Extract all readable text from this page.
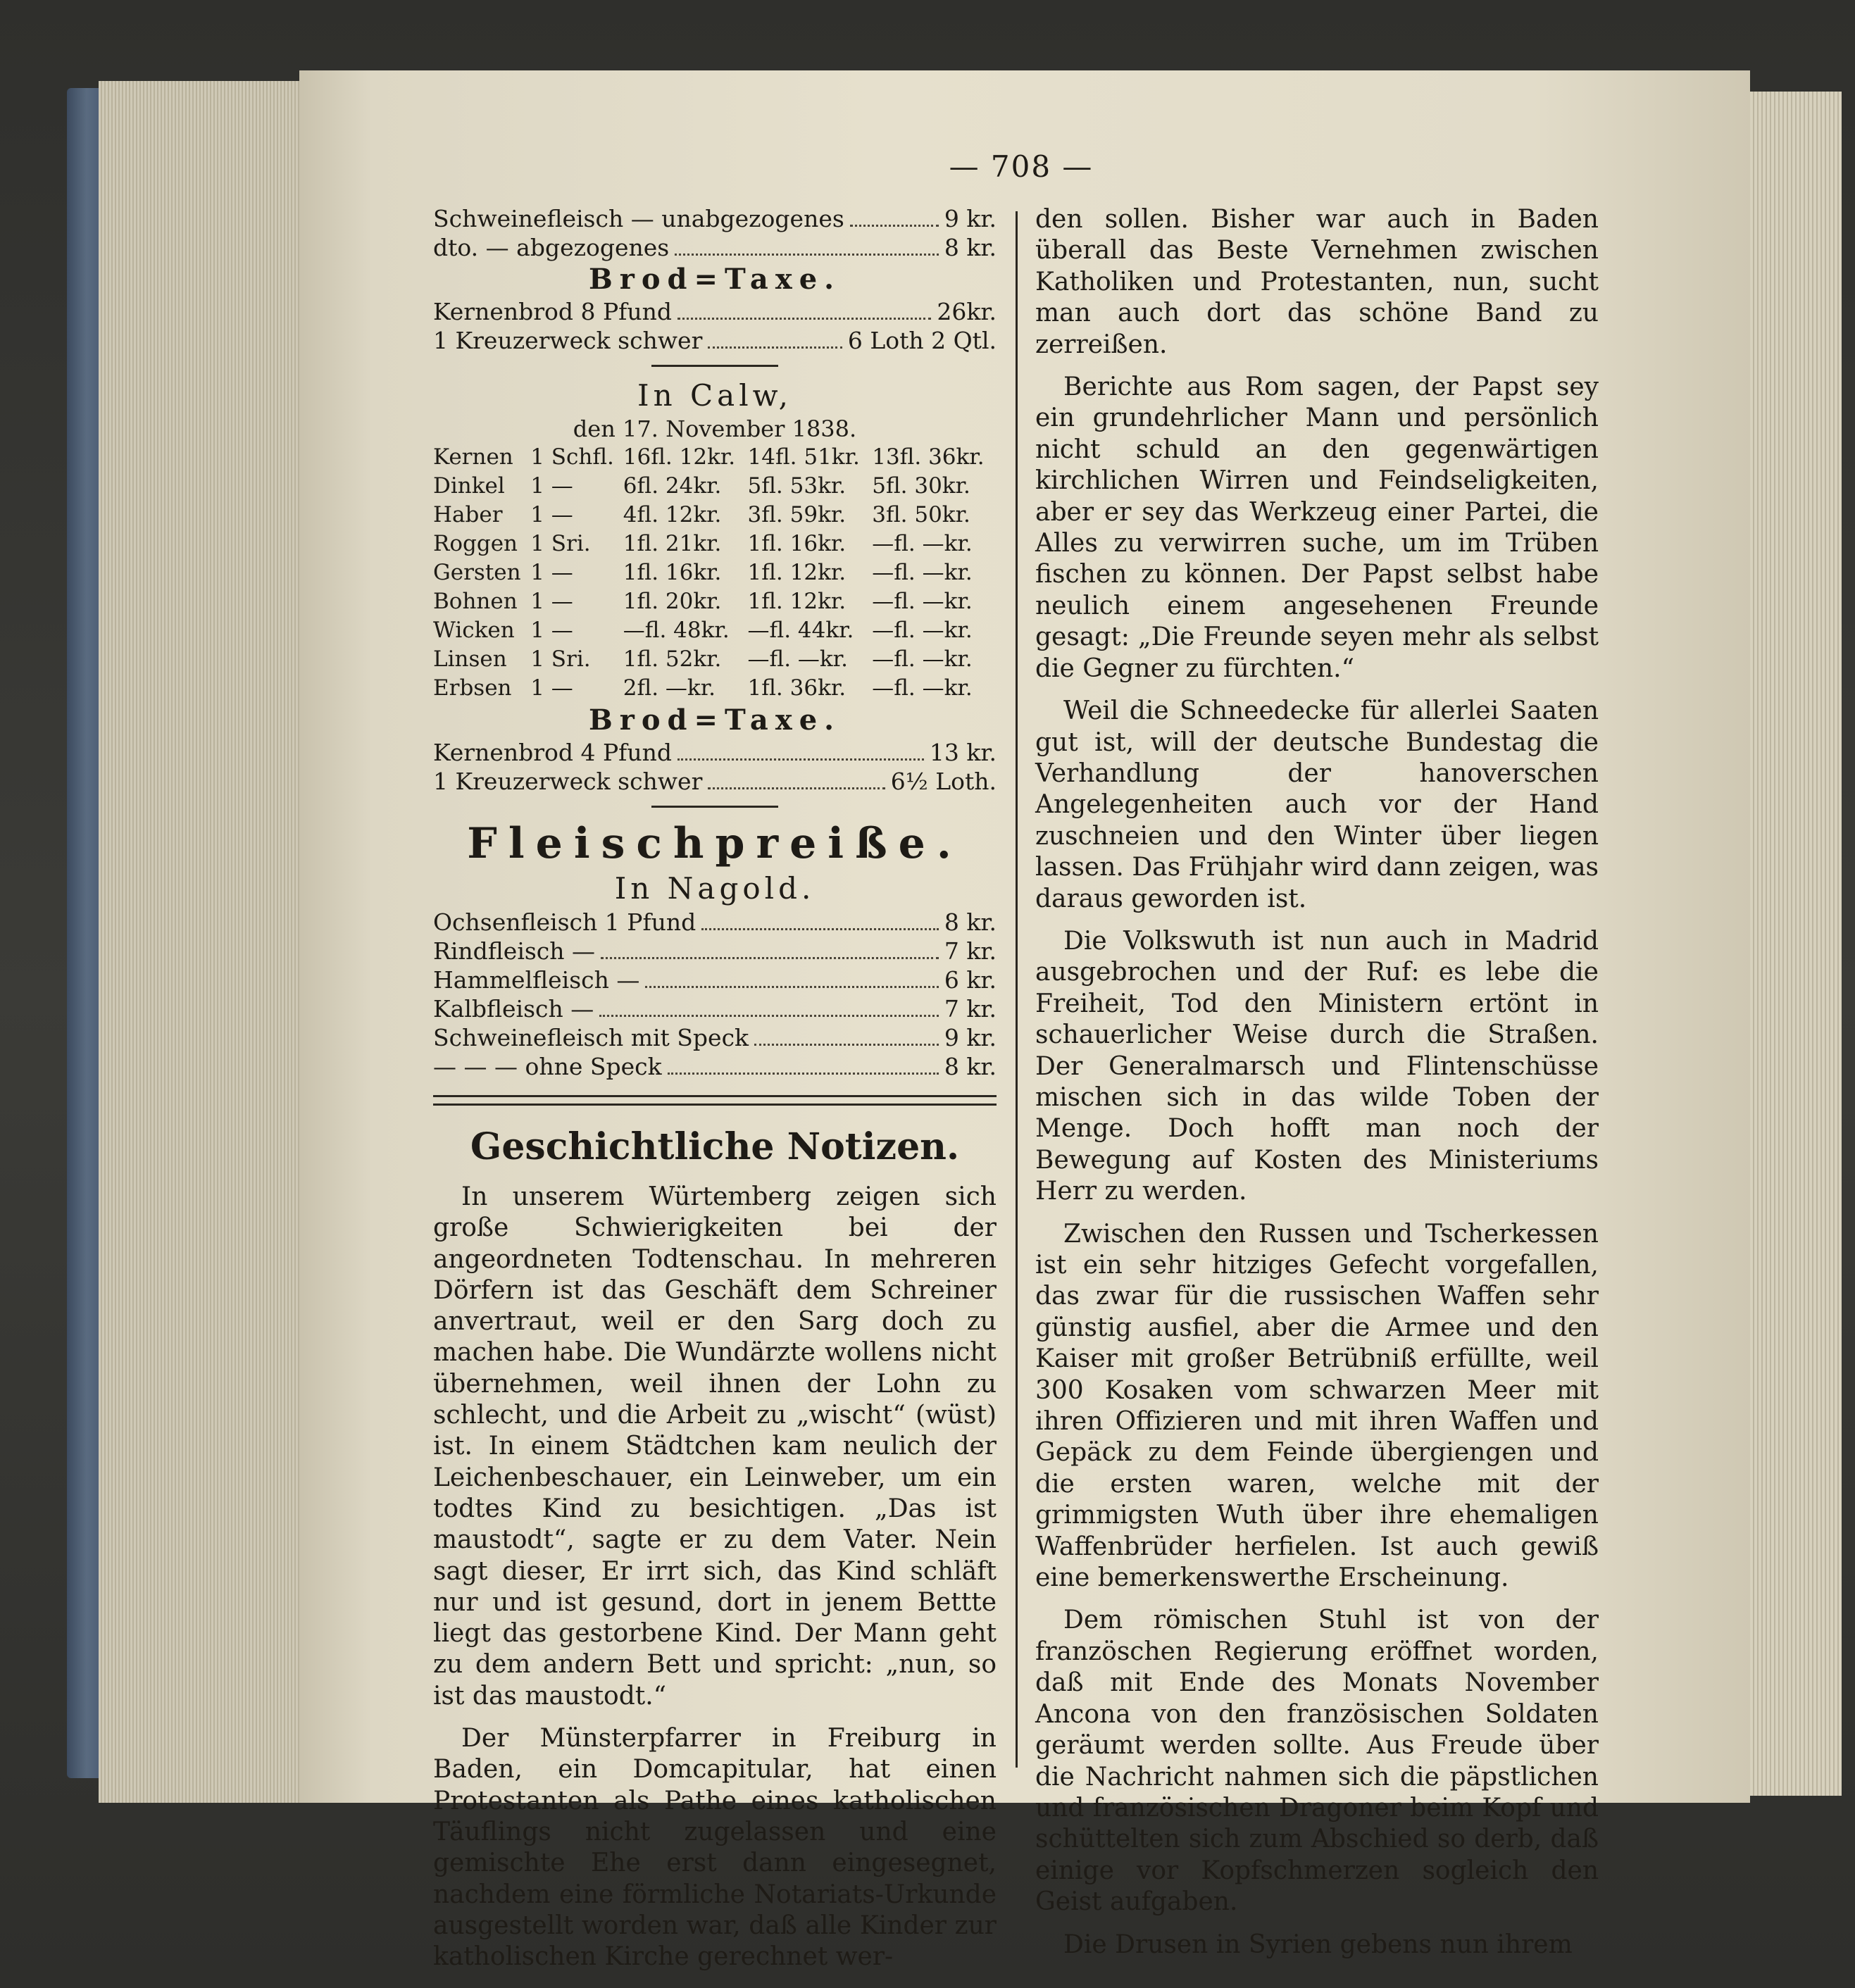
— 708 —
Schweinefleisch — unabgezogenes	9 kr.
dto. — abgezogenes	8 kr.
Brod=Taxe.
Kernenbrod 8 Pfund	26kr.
1 Kreuzerweck schwer	6 Loth 2 Qtl.
In Calw,
den 17. November 1838.
Kernen	1 Schfl.	16fl. 12kr.	14fl. 51kr.	13fl. 36kr.
Dinkel	1 —	6fl. 24kr.	5fl. 53kr.	5fl. 30kr.
Haber	1 —	4fl. 12kr.	3fl. 59kr.	3fl. 50kr.
Roggen	1 Sri.	1fl. 21kr.	1fl. 16kr.	—fl. —kr.
Gersten	1 —	1fl. 16kr.	1fl. 12kr.	—fl. —kr.
Bohnen	1 —	1fl. 20kr.	1fl. 12kr.	—fl. —kr.
Wicken	1 —	—fl. 48kr.	—fl. 44kr.	—fl. —kr.
Linsen	1 Sri.	1fl. 52kr.	—fl. —kr.	—fl. —kr.
Erbsen	1 —	2fl. —kr.	1fl. 36kr.	—fl. —kr.
Brod=Taxe.
Kernenbrod 4 Pfund	13 kr.
1 Kreuzerweck schwer	6½ Loth.
Fleischpreiße.
In Nagold.
Ochsenfleisch 1 Pfund	8 kr.
Rindfleisch —	7 kr.
Hammelfleisch —	6 kr.
Kalbfleisch —	7 kr.
Schweinefleisch mit Speck	9 kr.
— — — ohne Speck	8 kr.
Geschichtliche Notizen.

In unserem Würtemberg zeigen sich große Schwierigkeiten bei der angeordneten Todtenschau. In mehreren Dörfern ist das Geschäft dem Schreiner anvertraut, weil er den Sarg doch zu machen habe. Die Wundärzte wollens nicht übernehmen, weil ihnen der Lohn zu schlecht, und die Arbeit zu „wischt“ (wüst) ist. In einem Städtchen kam neulich der Leichenbeschauer, ein Leinweber, um ein todtes Kind zu besichtigen. „Das ist maustodt“, sagte er zu dem Vater. Nein sagt dieser, Er irrt sich, das Kind schläft nur und ist gesund, dort in jenem Bettte liegt das gestorbene Kind. Der Mann geht zu dem andern Bett und spricht: „nun, so ist das maustodt.“

Der Münsterpfarrer in Freiburg in Baden, ein Domcapitular, hat einen Protestanten als Pathe eines katholischen Täuflings nicht zugelassen und eine gemischte Ehe erst dann eingesegnet, nachdem eine förmliche Notariats-Urkunde ausgestellt worden war, daß alle Kinder zur katholischen Kirche gerechnet wer-

den sollen. Bisher war auch in Baden überall das Beste Vernehmen zwischen Katholiken und Protestanten, nun, sucht man auch dort das schöne Band zu zerreißen.

Berichte aus Rom sagen, der Papst sey ein grundehrlicher Mann und persönlich nicht schuld an den gegenwärtigen kirchlichen Wirren und Feindseligkeiten, aber er sey das Werkzeug einer Partei, die Alles zu verwirren suche, um im Trüben fischen zu können. Der Papst selbst habe neulich einem angesehenen Freunde gesagt: „Die Freunde seyen mehr als selbst die Gegner zu fürchten.“

Weil die Schneedecke für allerlei Saaten gut ist, will der deutsche Bundestag die Verhandlung der hanoverschen Angelegenheiten auch vor der Hand zuschneien und den Winter über liegen lassen. Das Frühjahr wird dann zeigen, was daraus geworden ist.

Die Volkswuth ist nun auch in Madrid ausgebrochen und der Ruf: es lebe die Freiheit, Tod den Ministern ertönt in schauerlicher Weise durch die Straßen. Der Generalmarsch und Flintenschüsse mischen sich in das wilde Toben der Menge. Doch hofft man noch der Bewegung auf Kosten des Ministeriums Herr zu werden.

Zwischen den Russen und Tscherkessen ist ein sehr hitziges Gefecht vorgefallen, das zwar für die russischen Waffen sehr günstig ausfiel, aber die Armee und den Kaiser mit großer Betrübniß erfüllte, weil 300 Kosaken vom schwarzen Meer mit ihren Offizieren und mit ihren Waffen und Gepäck zu dem Feinde übergiengen und die ersten waren, welche mit der grimmigsten Wuth über ihre ehemaligen Waffenbrüder herfielen. Ist auch gewiß eine bemerkenswerthe Erscheinung.

Dem römischen Stuhl ist von der französchen Regierung eröffnet worden, daß mit Ende des Monats November Ancona von den französischen Soldaten geräumt werden sollte. Aus Freude über die Nachricht nahmen sich die päpstlichen und französischen Dragoner beim Kopf und schüttelten sich zum Abschied so derb, daß einige vor Kopfschmerzen sogleich den Geist aufgaben.

Die Drusen in Syrien gebens nun ihrem
